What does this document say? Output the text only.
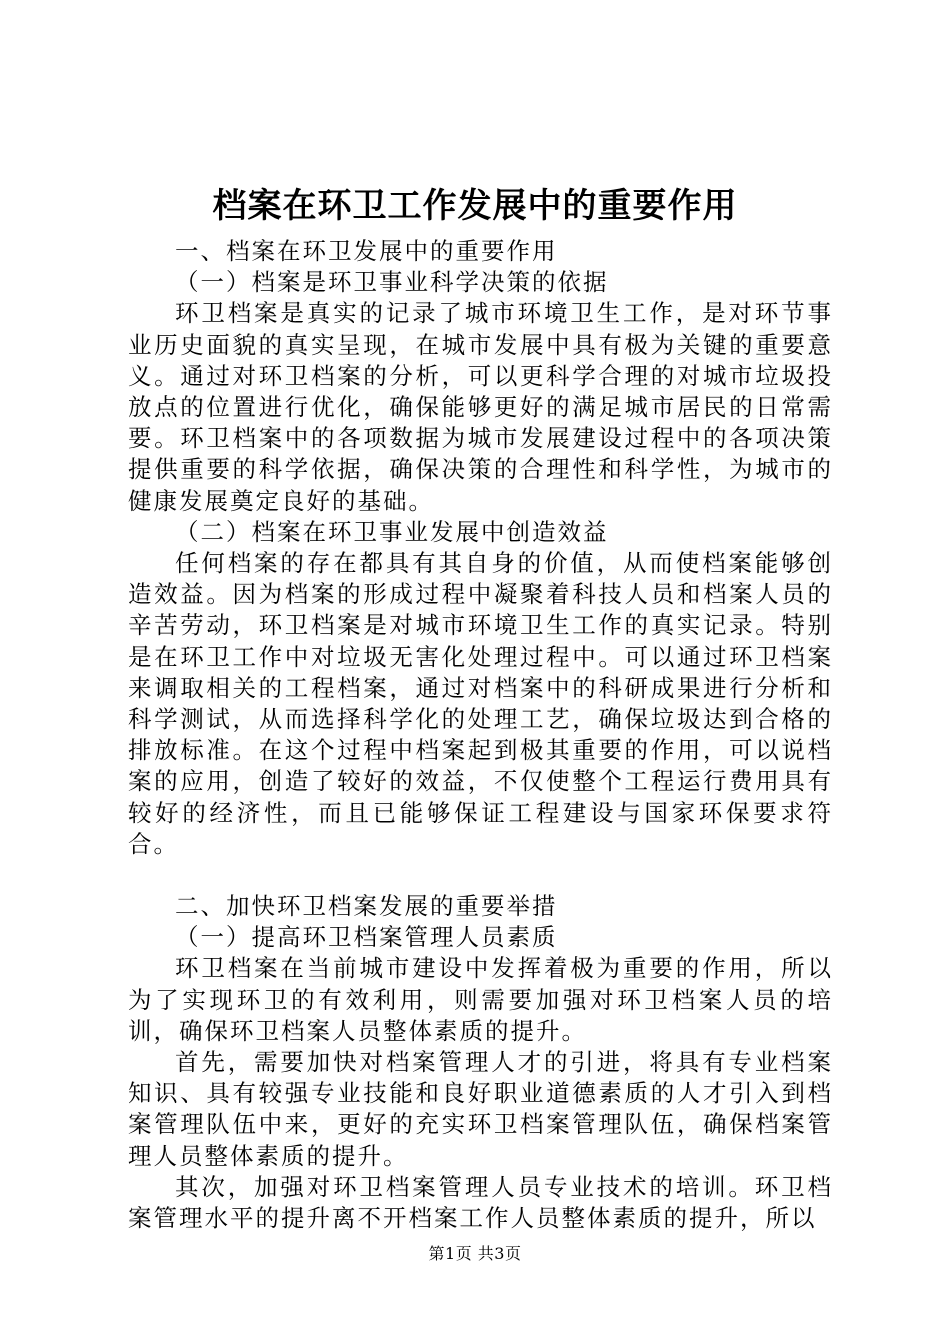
档案在环卫工作发展中的重要作用

一、档案在环卫发展中的重要作用

（一）档案是环卫事业科学决策的依据

环卫档案是真实的记录了城市环境卫生工作，是对环节事业历史面貌的真实呈现，在城市发展中具有极为关键的重要意义。通过对环卫档案的分析，可以更科学合理的对城市垃圾投放点的位置进行优化，确保能够更好的满足城市居民的日常需要。环卫档案中的各项数据为城市发展建设过程中的各项决策提供重要的科学依据，确保决策的合理性和科学性，为城市的健康发展奠定良好的基础。

（二）档案在环卫事业发展中创造效益

任何档案的存在都具有其自身的价值，从而使档案能够创造效益。因为档案的形成过程中凝聚着科技人员和档案人员的辛苦劳动，环卫档案是对城市环境卫生工作的真实记录。特别是在环卫工作中对垃圾无害化处理过程中。可以通过环卫档案来调取相关的工程档案，通过对档案中的科研成果进行分析和科学测试，从而选择科学化的处理工艺，确保垃圾达到合格的排放标准。在这个过程中档案起到极其重要的作用，可以说档案的应用，创造了较好的效益，不仅使整个工程运行费用具有较好的经济性，而且已能够保证工程建设与国家环保要求符合。

二、加快环卫档案发展的重要举措

（一）提高环卫档案管理人员素质

环卫档案在当前城市建设中发挥着极为重要的作用，所以为了实现环卫的有效利用，则需要加强对环卫档案人员的培训，确保环卫档案人员整体素质的提升。

首先，需要加快对档案管理人才的引进，将具有专业档案知识、具有较强专业技能和良好职业道德素质的人才引入到档案管理队伍中来，更好的充实环卫档案管理队伍，确保档案管理人员整体素质的提升。

其次，加强对环卫档案管理人员专业技术的培训。环卫档案管理水平的提升离不开档案工作人员整体素质的提升，所以

第1页 共3页
